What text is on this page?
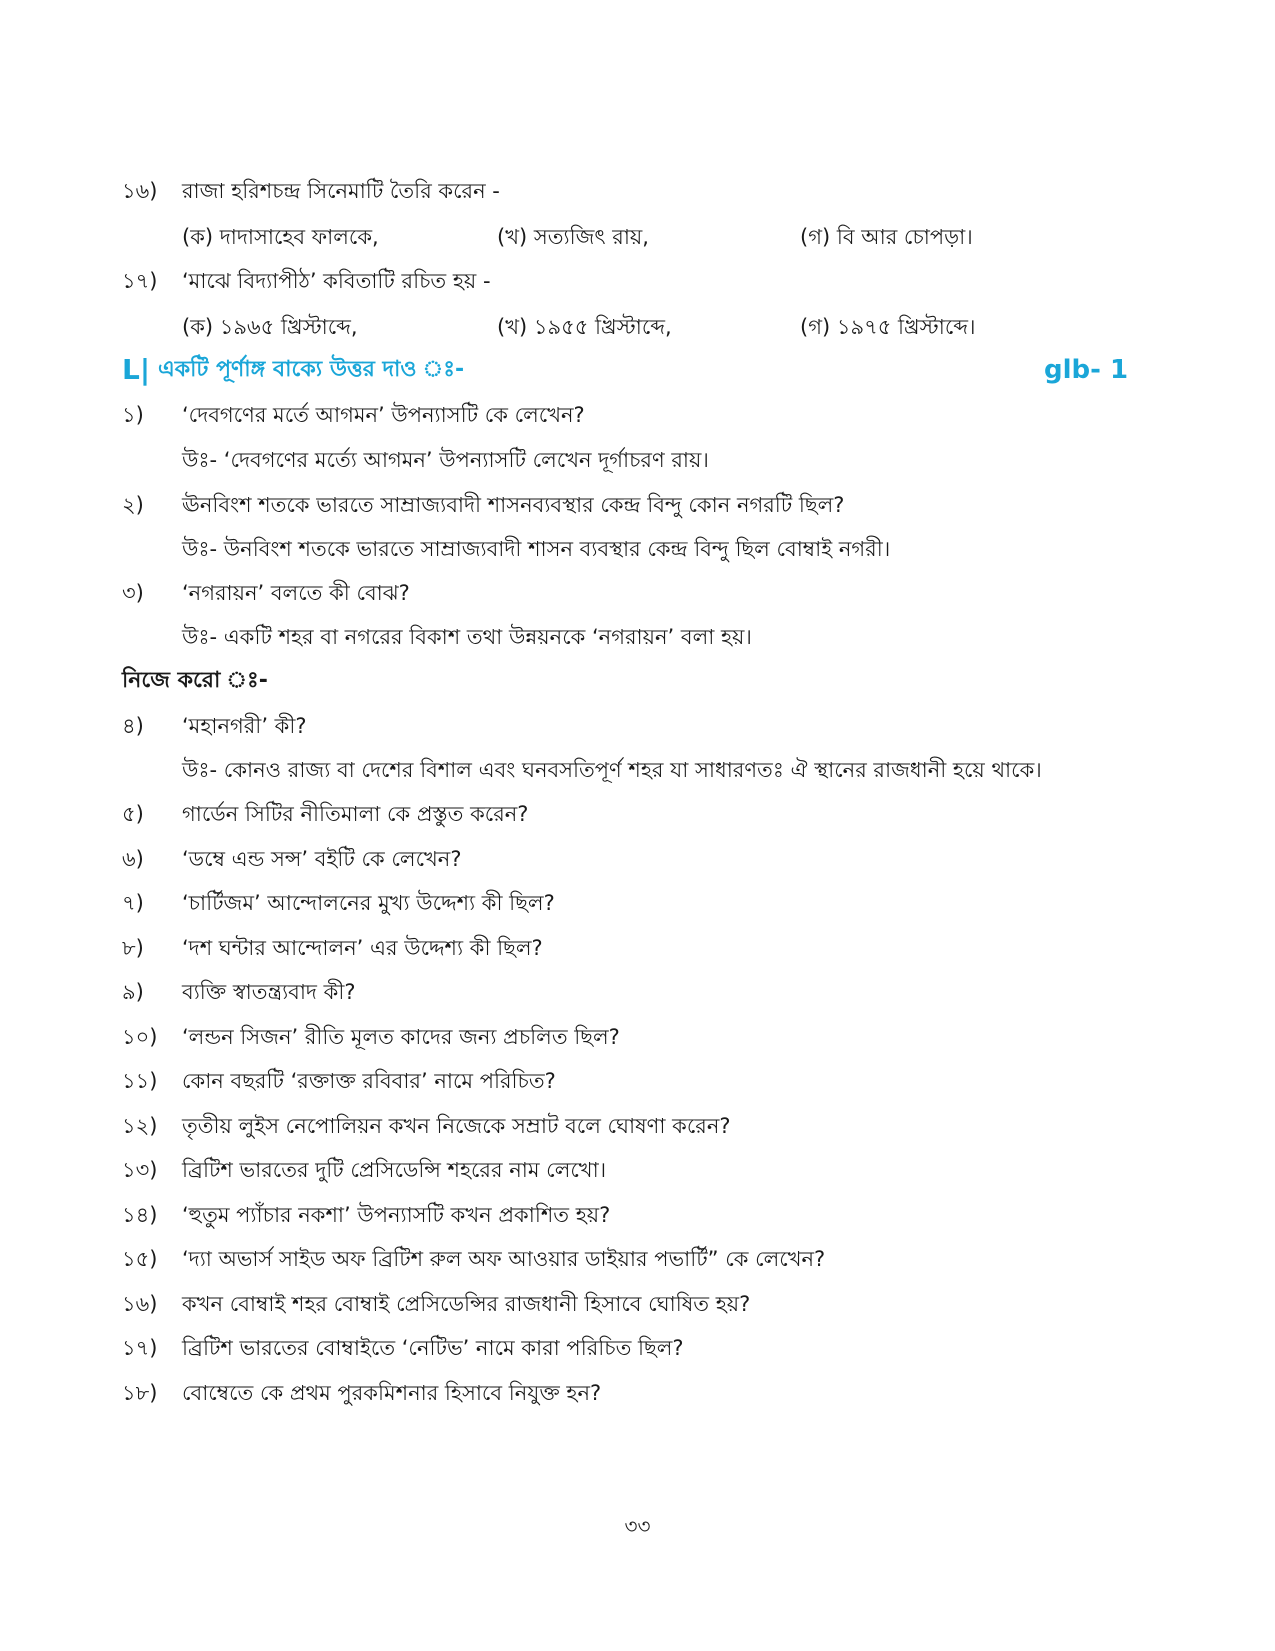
১৬) রাজা হরিশচন্দ্র সিনেমাটি তৈরি করেন -
(ক) দাদাসাহেব ফালকে,	(খ) সত্যজিৎ রায়,	(গ) বি আর চোপড়া।
১৭) ‘মাঝে বিদ্যাপীঠ’ কবিতাটি রচিত হয় -
(ক) ১৯৬৫ খ্রিস্টাব্দে,	(খ) ১৯৫৫ খ্রিস্টাব্দে,	(গ) ১৯৭৫ খ্রিস্টাব্দে।
L| একটি পূর্ণাঙ্গ বাক্যে উত্তর দাও ঃ-	glb- 1
১) ‘দেবগণের মর্তে আগমন’ উপন্যাসটি কে লেখেন?
উঃ- ‘দেবগণের মর্ত্যে আগমন’ উপন্যাসটি লেখেন দূর্গাচরণ রায়।
২) ঊনবিংশ শতকে ভারতে সাম্রাজ্যবাদী শাসনব্যবস্থার কেন্দ্র বিন্দু কোন নগরটি ছিল?
উঃ- উনবিংশ শতকে ভারতে সাম্রাজ্যবাদী শাসন ব্যবস্থার কেন্দ্র বিন্দু ছিল বোম্বাই নগরী।
৩) ‘নগরায়ন’ বলতে কী বোঝ?
উঃ- একটি শহর বা নগরের বিকাশ তথা উন্নয়নকে ‘নগরায়ন’ বলা হয়।
নিজে করো ঃ-
৪) ‘মহানগরী’ কী?
উঃ- কোনও রাজ্য বা দেশের বিশাল এবং ঘনবসতিপূর্ণ শহর যা সাধারণতঃ ঐ স্থানের রাজধানী হয়ে থাকে।
৫) গার্ডেন সিটির নীতিমালা কে প্রস্তুত করেন?
৬) ‘ডম্বে এন্ড সন্স’ বইটি কে লেখেন?
৭) ‘চার্টিজম’ আন্দোলনের মুখ্য উদ্দেশ্য কী ছিল?
৮) ‘দশ ঘন্টার আন্দোলন’ এর উদ্দেশ্য কী ছিল?
৯) ব্যক্তি স্বাতন্ত্র্যবাদ কী?
১০) ‘লন্ডন সিজন’ রীতি মূলত কাদের জন্য প্রচলিত ছিল?
১১) কোন বছরটি ‘রক্তাক্ত রবিবার’ নামে পরিচিত?
১২) তৃতীয় লুইস নেপোলিয়ন কখন নিজেকে সম্রাট বলে ঘোষণা করেন?
১৩) ব্রিটিশ ভারতের দুটি প্রেসিডেন্সি শহরের নাম লেখো।
১৪) ‘হুতুম প্যাঁচার নকশা’ উপন্যাসটি কখন প্রকাশিত হয়?
১৫) ‘দ্যা অভার্স সাইড অফ ব্রিটিশ রুল অফ আওয়ার ডাইয়ার পভার্টি” কে লেখেন?
১৬) কখন বোম্বাই শহর বোম্বাই প্রেসিডেন্সির রাজধানী হিসাবে ঘোষিত হয়?
১৭) ব্রিটিশ ভারতের বোম্বাইতে ‘নেটিভ’ নামে কারা পরিচিত ছিল?
১৮) বোম্বেতে কে প্রথম পুরকমিশনার হিসাবে নিযুক্ত হন?
৩৩
